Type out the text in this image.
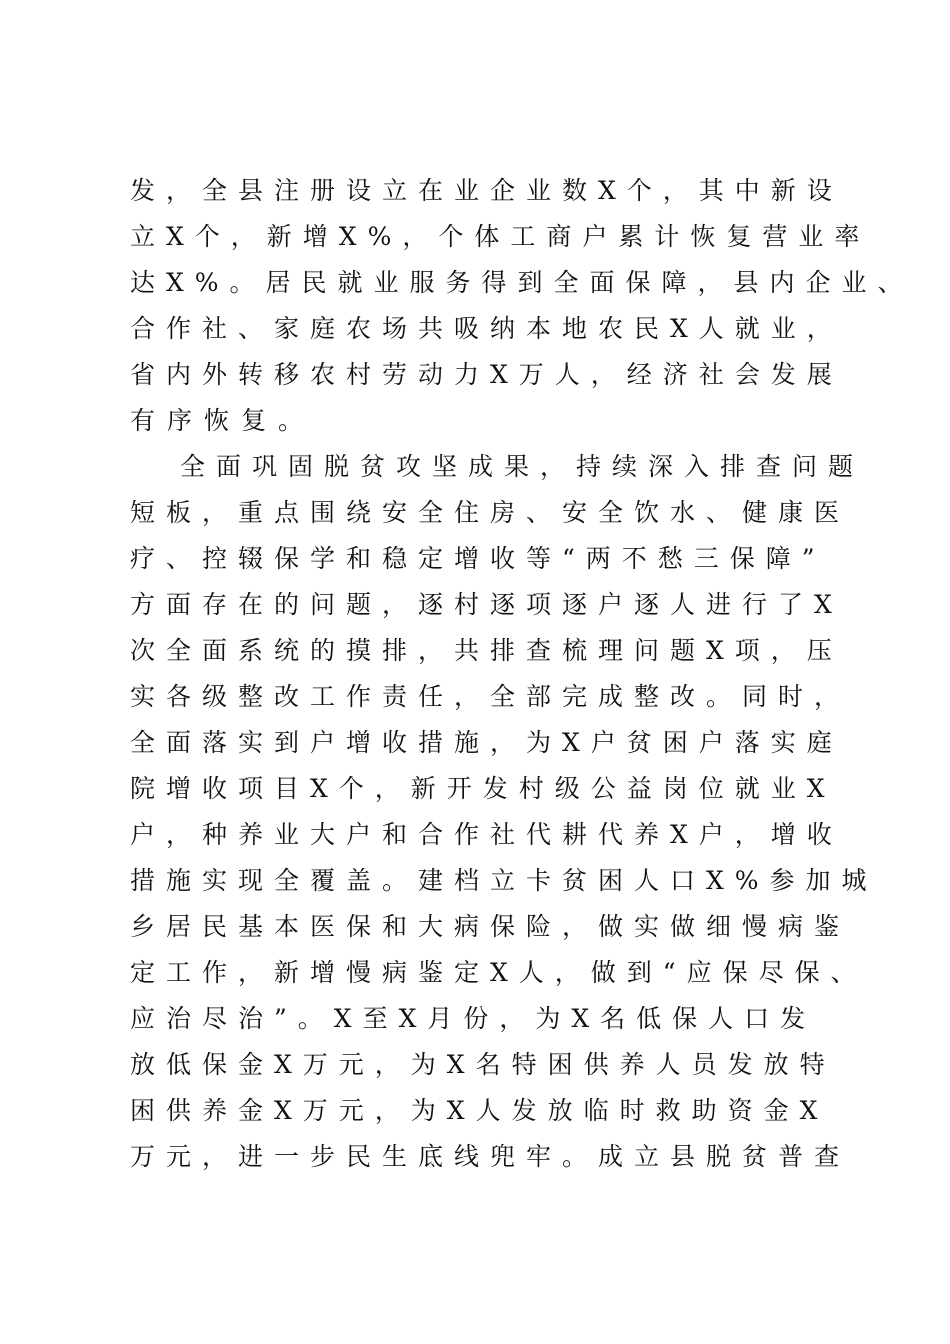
发，全县注册设立在业企业数X个，其中新设
立X个，新增X%，个体工商户累计恢复营业率
达X%。居民就业服务得到全面保障，县内企业、
合作社、家庭农场共吸纳本地农民X人就业，
省内外转移农村劳动力X万人，经济社会发展
有序恢复。
全面巩固脱贫攻坚成果，持续深入排查问题
短板，重点围绕安全住房、安全饮水、健康医
疗、控辍保学和稳定增收等“两不愁三保障”
方面存在的问题，逐村逐项逐户逐人进行了X
次全面系统的摸排，共排查梳理问题X项，压
实各级整改工作责任，全部完成整改。同时，
全面落实到户增收措施，为X户贫困户落实庭
院增收项目X个，新开发村级公益岗位就业X
户，种养业大户和合作社代耕代养X户，增收
措施实现全覆盖。建档立卡贫困人口X%参加城
乡居民基本医保和大病保险，做实做细慢病鉴
定工作，新增慢病鉴定X人，做到“应保尽保、
应治尽治”。X至X月份，为X名低保人口发
放低保金X万元，为X名特困供养人员发放特
困供养金X万元，为X人发放临时救助资金X
万元，进一步民生底线兜牢。成立县脱贫普查
